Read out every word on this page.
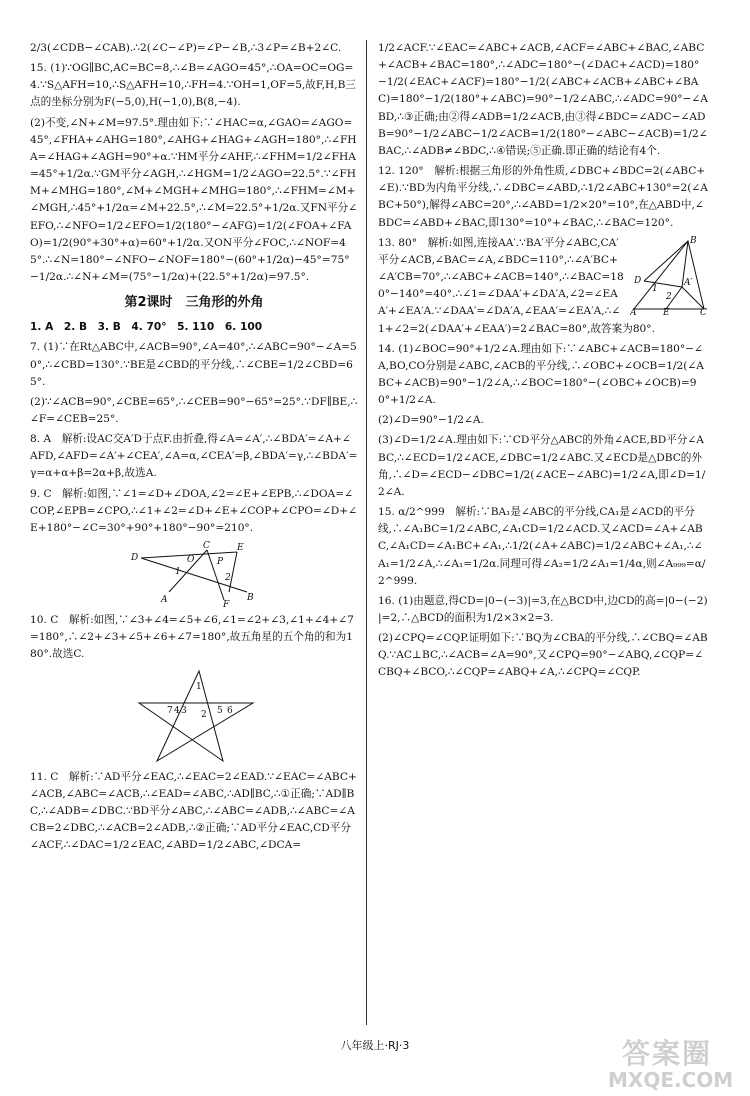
2/3(∠CDB−∠CAB).∴2(∠C−∠P)=∠P−∠B,∴3∠P=∠B+2∠C.
15. (1)∵OG∥BC,AC=BC=8,∴∠B=∠AGO=45°,∴OA=OC=OG=4.∵S△AFH=10,∴S△AFH=10,∴FH=4.∵OH=1,OF=5,故F,H,B三点的坐标分别为F(−5,0),H(−1,0),B(8,−4).
(2)不变,∠N+∠M=97.5°.理由如下:∵∠HAC=α,∠GAO=∠AGO=45°,∠FHA+∠AHG=180°,∠AHG+∠HAG+∠AGH=180°,∴∠FHA=∠HAG+∠AGH=90°+α.∵HM平分∠AHF,∴∠FHM=1/2∠FHA=45°+1/2α.∵GM平分∠AGH,∴∠HGM=1/2∠AGO=22.5°.∵∠FHM+∠MHG=180°,∠M+∠MGH+∠MHG=180°,∴∠FHM=∠M+∠MGH,∴45°+1/2α=∠M+22.5°,∴∠M=22.5°+1/2α.又FN平分∠EFO,∴∠NFO=1/2∠EFO=1/2(180°−∠AFG)=1/2(∠FOA+∠FAO)=1/2(90°+30°+α)=60°+1/2α.又ON平分∠FOC,∴∠NOF=45°.∴∠N=180°−∠NFO−∠NOF=180°−(60°+1/2α)−45°=75°−1/2α.∴∠N+∠M=(75°−1/2α)+(22.5°+1/2α)=97.5°.
第2课时　三角形的外角
1. A　2. B　3. B　4. 70°　5. 110　6. 100
7. (1)∵在Rt△ABC中,∠ACB=90°,∠A=40°,∴∠ABC=90°−∠A=50°,∴∠CBD=130°.∵BE是∠CBD的平分线,∴∠CBE=1/2∠CBD=65°.
(2)∵∠ACB=90°,∠CBE=65°,∴∠CEB=90°−65°=25°.∵DF∥BE,∴∠F=∠CEB=25°.
8. A　解析:设AC交A′D于点F.由折叠,得∠A=∠A′,∴∠BDA′=∠A+∠AFD,∠AFD=∠A′+∠CEA′,∠A=α,∠CEA′=β,∠BDA′=γ,∴∠BDA′=γ=α+α+β=2α+β,故选A.
9. C　解析:如图,∵∠1=∠D+∠DOA,∠2=∠E+∠EPB,∴∠DOA=∠COP,∠EPB=∠CPO,∴∠1+∠2=∠D+∠E+∠COP+∠CPO=∠D+∠E+180°−∠C=30°+90°+180°−90°=210°.
C
O	P
E
D
1
2
A	B
F
10. C　解析:如图,∵∠3+∠4=∠5+∠6,∠1=∠2+∠3,∠1+∠4+∠7=180°,∴∠2+∠3+∠5+∠6+∠7=180°,故五角星的五个角的和为180°.故选C.
1
2
3
4	5 6
7
11. C　解析:∵AD平分∠EAC,∴∠EAC=2∠EAD.∵∠EAC=∠ABC+∠ACB,∠ABC=∠ACB,∴∠EAD=∠ABC,∴AD∥BC,∴①正确;∵AD∥BC,∴∠ADB=∠DBC.∵BD平分∠ABC,∴∠ABC=∠ADB,∴∠ABC=∠ACB=2∠DBC,∴∠ACB=2∠ADB,∴②正确;∵AD平分∠EAC,CD平分∠ACF,∴∠DAC=1/2∠EAC,∠ABD=1/2∠ABC,∠DCA=
1/2∠ACF.∵∠EAC=∠ABC+∠ACB,∠ACF=∠ABC+∠BAC,∠ABC+∠ACB+∠BAC=180°,∴∠ADC=180°−(∠DAC+∠ACD)=180°−1/2(∠EAC+∠ACF)=180°−1/2(∠ABC+∠ACB+∠ABC+∠BAC)=180°−1/2(180°+∠ABC)=90°−1/2∠ABC,∴∠ADC=90°−∠ABD,∴③正确;由②得∠ADB=1/2∠ACB,由③得∠BDC=∠ADC−∠ADB=90°−1/2∠ABC−1/2∠ACB=1/2(180°−∠ABC−∠ACB)=1/2∠BAC,∴∠ADB≠∠BDC,∴④错误;⑤正确.即正确的结论有4个.
12. 120°　解析:根据三角形的外角性质,∠DBC+∠BDC=2(∠ABC+∠E).∵BD为内角平分线,∴∠DBC=∠ABD,∴1/2∠ABC+130°=2(∠ABC+50°),解得∠ABC=20°,∴∠ABD=1/2×20°=10°,在△ABD中,∠BDC=∠ABD+∠BAC,即130°=10°+∠BAC,∴∠BAC=120°.
B
D	A′
1
2
A	E	C
13. 80°　解析:如图,连接AA′.∵BA′平分∠ABC,CA′平分∠ACB,∠BAC=∠A,∠BDC=110°,∴∠A′BC+∠A′CB=70°,∴∠ABC+∠ACB=140°,∴∠BAC=180°−140°=40°.∴∠1=∠DAA′+∠DA′A,∠2=∠EAA′+∠EA′A.∵∠DAA′=∠DA′A,∠EAA′=∠EA′A,∴∠1+∠2=2(∠DAA′+∠EAA′)=2∠BAC=80°,故答案为80°.
14. (1)∠BOC=90°+1/2∠A.理由如下:∵∠ABC+∠ACB=180°−∠A,BO,CO分别是∠ABC,∠ACB的平分线,∴∠OBC+∠OCB=1/2(∠ABC+∠ACB)=90°−1/2∠A,∴∠BOC=180°−(∠OBC+∠OCB)=90°+1/2∠A.
(2)∠D=90°−1/2∠A.
(3)∠D=1/2∠A.理由如下:∵CD平分△ABC的外角∠ACE,BD平分∠ABC,∴∠ECD=1/2∠ACE,∠DBC=1/2∠ABC.又∠ECD是△DBC的外角,∴∠D=∠ECD−∠DBC=1/2(∠ACE−∠ABC)=1/2∠A,即∠D=1/2∠A.
15. α/2^999　解析:∵BA₁是∠ABC的平分线,CA₁是∠ACD的平分线,∴∠A₁BC=1/2∠ABC,∠A₁CD=1/2∠ACD.又∠ACD=∠A+∠ABC,∠A₁CD=∠A₁BC+∠A₁,∴1/2(∠A+∠ABC)=1/2∠ABC+∠A₁,∴∠A₁=1/2∠A,∴∠A₁=1/2α.同理可得∠A₂=1/2∠A₁=1/4α,则∠A₉₉₉=α/2^999.
16. (1)由题意,得CD=|0−(−3)|=3,在△BCD中,边CD的高=|0−(−2)|=2,∴△BCD的面积为1/2×3×2=3.
(2)∠CPQ=∠CQP.证明如下:∵BQ为∠CBA的平分线,∴∠CBQ=∠ABQ.∵AC⊥BC,∴∠ACB=∠A=90°,又∠CPQ=90°−∠ABQ,∠CQP=∠CBQ+∠BCO,∴∠CQP=∠ABQ+∠A,∴∠CPQ=∠CQP.
八年级上·RJ·3	答案圈
MXQE.COM
